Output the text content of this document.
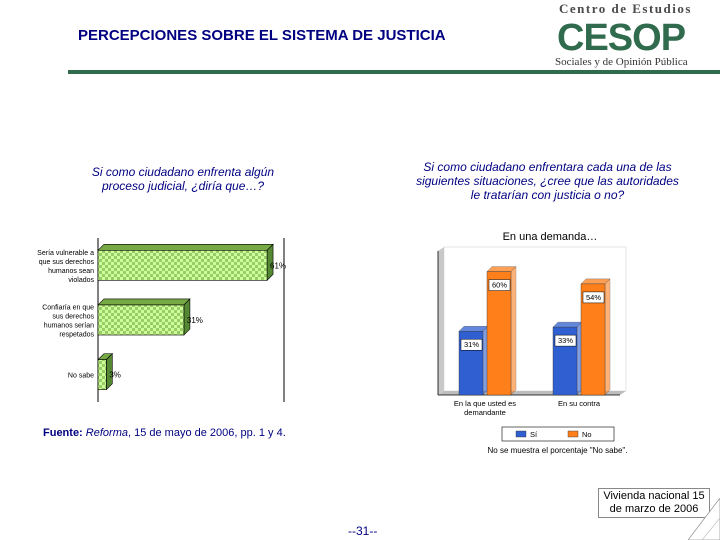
PERCEPCIONES SOBRE EL SISTEMA DE JUSTICIA
Centro de Estudios
CESOP
Sociales y de Opinión Pública
Si como ciudadano enfrenta algún proceso judicial, ¿diría que…?
Si como ciudadano enfrentara cada una de las siguientes situaciones, ¿cree que las autoridades le tratarían con justicia o no?
En una demanda…
61%
Sería vulnerable a
que sus derechos
humanos sean
violados
31%
Confiaría en que
sus derechos
humanos serían
respetados
3%
No sabe
31%
60%
En la que usted es
demandante
33%
54%
En su contra
Sí	No
Fuente: Reforma, 15 de mayo de 2006, pp. 1 y 4.
No se muestra el porcentaje "No sabe".
Vivienda nacional 15 de marzo de 2006
--31--
